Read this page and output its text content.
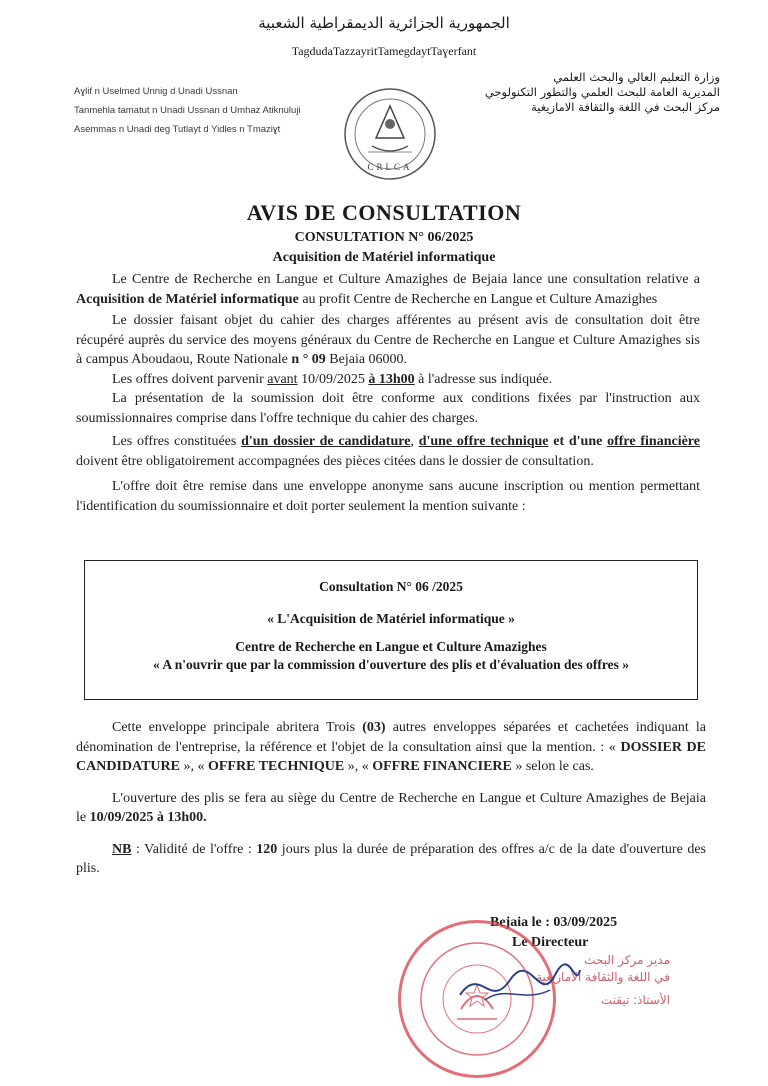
الجمهورية الجزائرية الديمقراطية الشعبية
TagdudaTazzayritTamegdaytTaɣerfant
Aɣlif n Uselmed Unnig d Unadi Ussnan
Tanmehla tamatut n Unadi Ussnan d Umhaz Atiknuluji
Asemmas n Unadi deg Tutlayt d Yidles n Tmaziɣt
CRLCA
وزارة التعليم العالي والبحث العلمي
المديرية العامة للبحث العلمي والتطور التكنولوجي
مركز البحث في اللغة والثقافة الامازيغية
AVIS DE CONSULTATION
CONSULTATION N° 06/2025
Acquisition de Matériel informatique

Le Centre de Recherche en Langue et Culture Amazighes de Bejaia lance une consultation relative a Acquisition de Matériel informatique au profit Centre de Recherche en Langue et Culture Amazighes

Le dossier faisant objet du cahier des charges afférentes au présent avis de consultation doit être récupéré auprès du service des moyens généraux du Centre de Recherche en Langue et Culture Amazighes sis à campus Aboudaou, Route Nationale n ° 09 Bejaia 06000.

Les offres doivent parvenir avant 10/09/2025 à 13h00 à l'adresse sus indiquée.

La présentation de la soumission doit être conforme aux conditions fixées par l'instruction aux soumissionnaires comprise dans l'offre technique du cahier des charges.

Les offres constituées d'un dossier de candidature, d'une offre technique et d'une offre financière doivent être obligatoirement accompagnées des pièces citées dans le dossier de consultation.

L'offre doit être remise dans une enveloppe anonyme sans aucune inscription ou mention permettant l'identification du soumissionnaire et doit porter seulement la mention suivante :

Consultation N° 06 /2025
« L'Acquisition de Matériel informatique »
Centre de Recherche en Langue et Culture Amazighes
« A n'ouvrir que par la commission d'ouverture des plis et d'évaluation des offres »

Cette enveloppe principale abritera Trois (03) autres enveloppes séparées et cachetées indiquant la dénomination de l'entreprise, la référence et l'objet de la consultation ainsi que la mention. : « DOSSIER DE CANDIDATURE », « OFFRE TECHNIQUE », « OFFRE FINANCIERE » selon le cas.

L'ouverture des plis se fera au siège du Centre de Recherche en Langue et Culture Amazighes de Bejaia le 10/09/2025 à 13h00.

NB : Validité de l'offre : 120 jours plus la durée de préparation des offres a/c de la date d'ouverture des plis.

Bejaia le : 03/09/2025
Le Directeur
مدير مركز البحث
في اللغة والثقافة الأمازيغية
الأستاذ: تيقنت
